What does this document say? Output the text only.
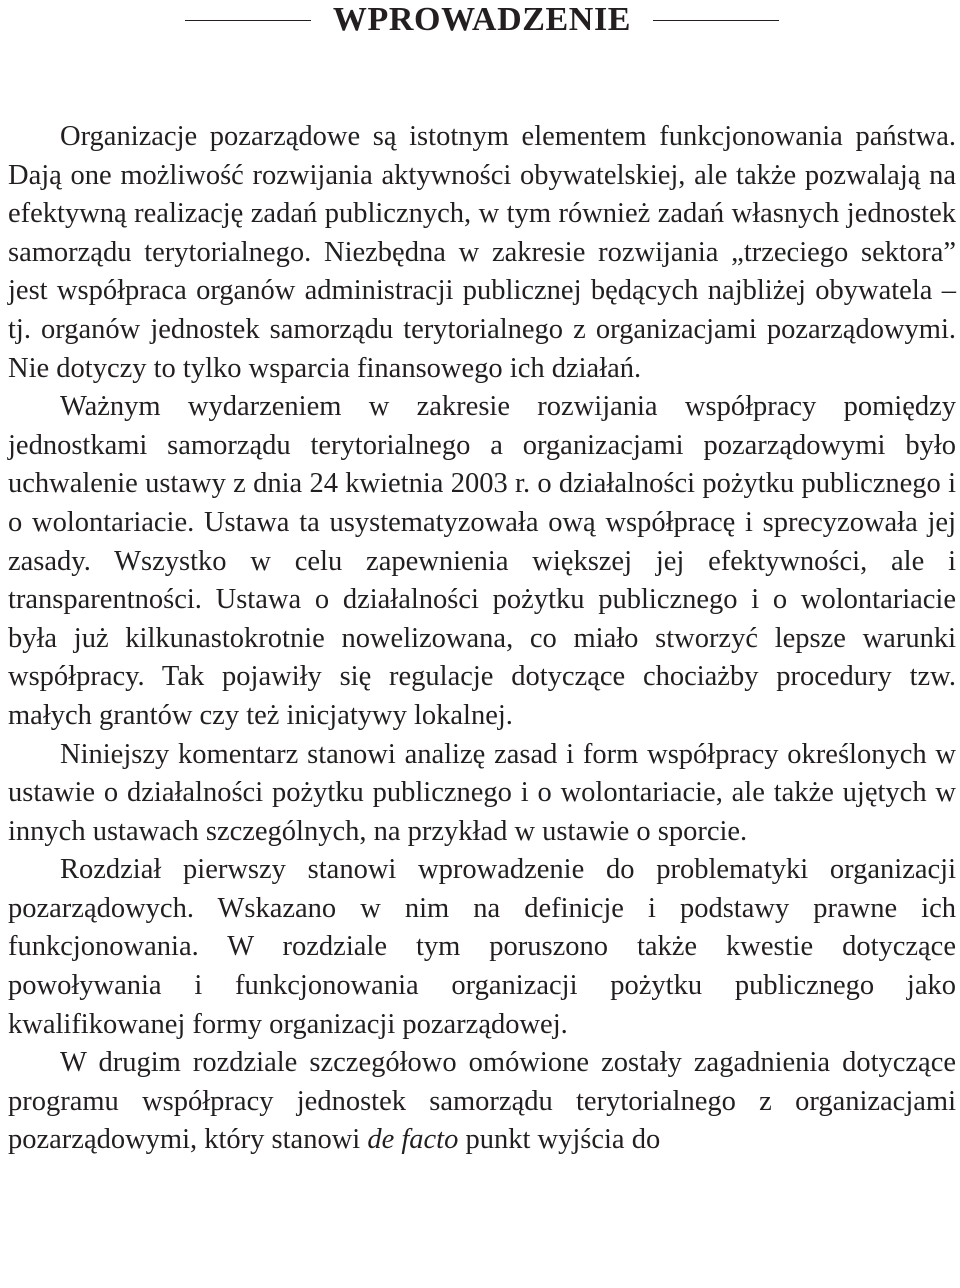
WPROWADZENIE

Organizacje pozarządowe są istotnym elementem funkcjonowania państwa. Dają one możliwość rozwijania aktywności obywatelskiej, ale także pozwalają na efektywną realizację zadań publicznych, w tym również zadań własnych jednostek samorządu terytorialnego. Niezbędna w zakresie rozwijania „trzeciego sektora” jest współpraca organów administracji publicznej będących najbliżej obywatela – tj. organów jednostek samorządu terytorialnego z organizacjami pozarządowymi. Nie dotyczy to tylko wsparcia finansowego ich działań.

Ważnym wydarzeniem w zakresie rozwijania współpracy pomiędzy jednostkami samorządu terytorialnego a organizacjami pozarządowymi było uchwalenie ustawy z dnia 24 kwietnia 2003 r. o działalności pożytku publicznego i o wolontariacie. Ustawa ta usystematyzowała ową współpracę i sprecyzowała jej zasady. Wszystko w celu zapewnienia większej jej efektywności, ale i transparentności. Ustawa o działalności pożytku publicznego i o wolontariacie była już kilkunastokrotnie nowelizowana, co miało stworzyć lepsze warunki współpracy. Tak pojawiły się regulacje dotyczące chociażby procedury tzw. małych grantów czy też inicjatywy lokalnej.

Niniejszy komentarz stanowi analizę zasad i form współpracy określonych w ustawie o działalności pożytku publicznego i o wolontariacie, ale także ujętych w innych ustawach szczególnych, na przykład w ustawie o sporcie.

Rozdział pierwszy stanowi wprowadzenie do problematyki organizacji pozarządowych. Wskazano w nim na definicje i podstawy prawne ich funkcjonowania. W rozdziale tym poruszono także kwestie dotyczące powoływania i funkcjonowania organizacji pożytku publicznego jako kwalifikowanej formy organizacji pozarządowej.

W drugim rozdziale szczegółowo omówione zostały zagadnienia dotyczące programu współpracy jednostek samorządu terytorialnego z organizacjami pozarządowymi, który stanowi de facto punkt wyjścia do
